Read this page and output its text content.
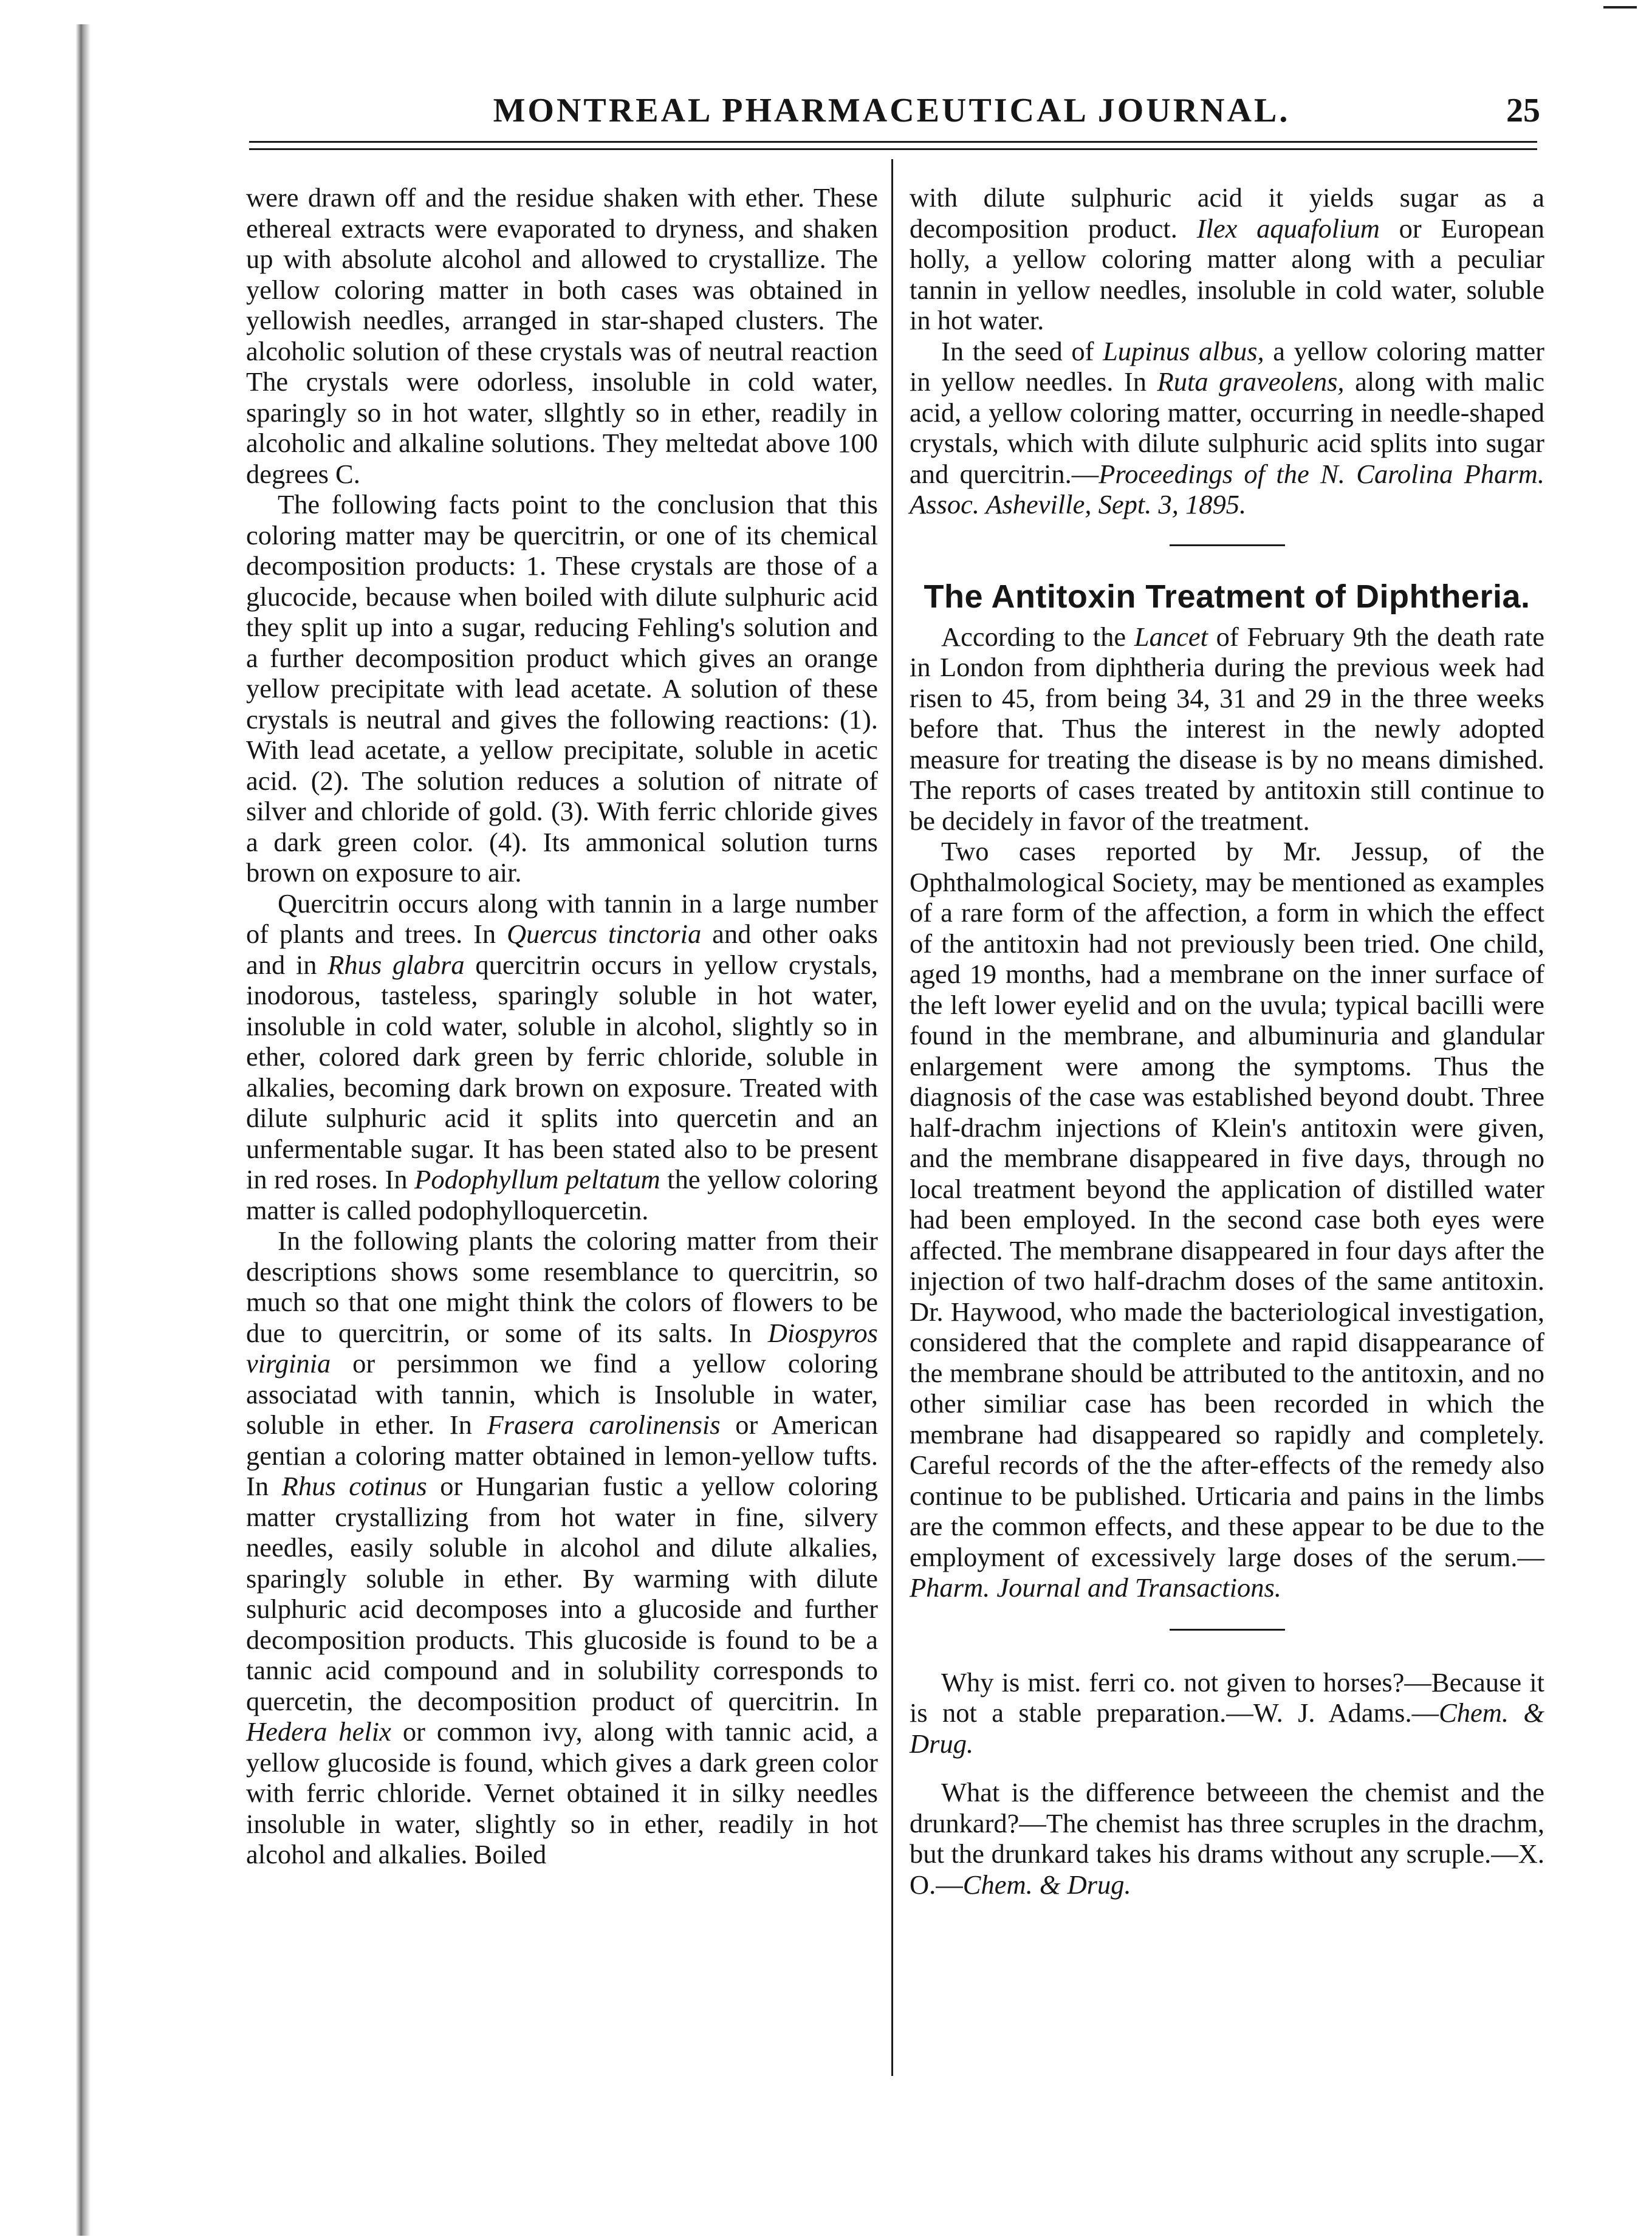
MONTREAL PHARMACEUTICAL JOURNAL.	25

were drawn off and the residue shaken with ether. These ethereal extracts were evaporated to dryness, and shaken up with absolute alcohol and allowed to crystallize. The yellow coloring matter in both cases was obtained in yellowish needles, arranged in star-shaped clusters. The alcoholic solution of these crystals was of neutral reaction The crystals were odorless, insoluble in cold water, sparingly so in hot water, sllghtly so in ether, readily in alcoholic and alkaline solutions. They meltedat above 100 degrees C.

The following facts point to the conclusion that this coloring matter may be quercitrin, or one of its chemical decomposition products: 1. These crystals are those of a glucocide, because when boiled with dilute sulphuric acid they split up into a sugar, reducing Fehling's solution and a further decomposition product which gives an orange yellow precipitate with lead acetate. A solution of these crystals is neutral and gives the following reactions: (1). With lead acetate, a yellow precipitate, soluble in acetic acid. (2). The solution reduces a solution of nitrate of silver and chloride of gold. (3). With ferric chloride gives a dark green color. (4). Its ammonical solution turns brown on exposure to air.

Quercitrin occurs along with tannin in a large number of plants and trees. In Quercus tinctoria and other oaks and in Rhus glabra quercitrin occurs in yellow crystals, inodorous, tasteless, sparingly soluble in hot water, insoluble in cold water, soluble in alcohol, slightly so in ether, colored dark green by ferric chloride, soluble in alkalies, becoming dark brown on exposure. Treated with dilute sulphuric acid it splits into quercetin and an unfermentable sugar. It has been stated also to be present in red roses. In Podophyllum peltatum the yellow coloring matter is called podophylloquercetin.

In the following plants the coloring matter from their descriptions shows some resemblance to quercitrin, so much so that one might think the colors of flowers to be due to quercitrin, or some of its salts. In Diospyros virginia or persimmon we find a yellow coloring associatad with tannin, which is Insoluble in water, soluble in ether. In Frasera carolinensis or American gentian a coloring matter obtained in lemon-yellow tufts. In Rhus cotinus or Hungarian fustic a yellow coloring matter crystallizing from hot water in fine, silvery needles, easily soluble in alcohol and dilute alkalies, sparingly soluble in ether. By warming with dilute sulphuric acid decomposes into a glucoside and further decomposition products. This glucoside is found to be a tannic acid compound and in solubility corresponds to quercetin, the decomposition product of quercitrin. In Hedera helix or common ivy, along with tannic acid, a yellow glucoside is found, which gives a dark green color with ferric chloride. Vernet obtained it in silky needles insoluble in water, slightly so in ether, readily in hot alcohol and alkalies. Boiled

with dilute sulphuric acid it yields sugar as a decomposition product. Ilex aquafolium or European holly, a yellow coloring matter along with a peculiar tannin in yellow needles, insoluble in cold water, soluble in hot water.

In the seed of Lupinus albus, a yellow coloring matter in yellow needles. In Ruta graveolens, along with malic acid, a yellow coloring matter, occurring in needle-shaped crystals, which with dilute sulphuric acid splits into sugar and quercitrin.—Proceedings of the N. Carolina Pharm. Assoc. Asheville, Sept. 3, 1895.

The Antitoxin Treatment of Diphtheria.

According to the Lancet of February 9th the death rate in London from diphtheria during the previous week had risen to 45, from being 34, 31 and 29 in the three weeks before that. Thus the interest in the newly adopted measure for treating the disease is by no means dimished. The reports of cases treated by antitoxin still continue to be decidely in favor of the treatment.

Two cases reported by Mr. Jessup, of the Ophthalmological Society, may be mentioned as examples of a rare form of the affection, a form in which the effect of the antitoxin had not previously been tried. One child, aged 19 months, had a membrane on the inner surface of the left lower eyelid and on the uvula; typical bacilli were found in the membrane, and albuminuria and glandular enlargement were among the symptoms. Thus the diagnosis of the case was established beyond doubt. Three half-drachm injections of Klein's antitoxin were given, and the membrane disappeared in five days, through no local treatment beyond the application of distilled water had been employed. In the second case both eyes were affected. The membrane disappeared in four days after the injection of two half-drachm doses of the same antitoxin. Dr. Haywood, who made the bacteriological investigation, considered that the complete and rapid disappearance of the membrane should be attributed to the antitoxin, and no other similiar case has been recorded in which the membrane had disappeared so rapidly and completely. Careful records of the the after-effects of the remedy also continue to be published. Urticaria and pains in the limbs are the common effects, and these appear to be due to the employment of excessively large doses of the serum.—Pharm. Journal and Transactions.

Why is mist. ferri co. not given to horses?—Because it is not a stable preparation.—W. J. Adams.—Chem. & Drug.

What is the difference betweeen the chemist and the drunkard?—The chemist has three scruples in the drachm, but the drunkard takes his drams without any scruple.—X. O.—Chem. & Drug.
